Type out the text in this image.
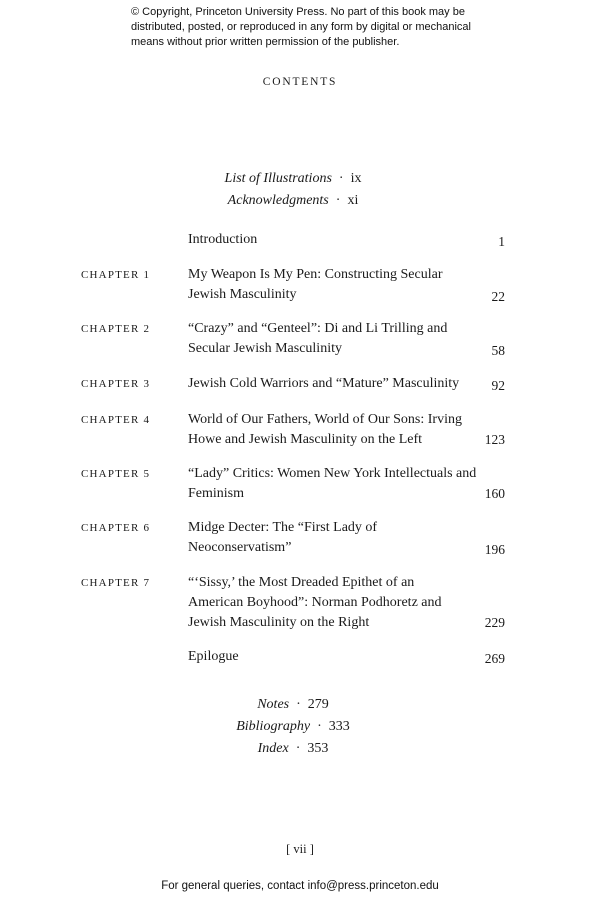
© Copyright, Princeton University Press. No part of this book may be distributed, posted, or reproduced in any form by digital or mechanical means without prior written permission of the publisher.
CONTENTS
List of Illustrations · ix
Acknowledgments · xi
Introduction	1
CHAPTER 1	My Weapon Is My Pen: Constructing Secular Jewish Masculinity	22
CHAPTER 2	“Crazy” and “Genteel”: Di and Li Trilling and Secular Jewish Masculinity	58
CHAPTER 3	Jewish Cold Warriors and “Mature” Masculinity	92
CHAPTER 4	World of Our Fathers, World of Our Sons: Irving Howe and Jewish Masculinity on the Left	123
CHAPTER 5	“Lady” Critics: Women New York Intellectuals and Feminism	160
CHAPTER 6	Midge Decter: The “First Lady of Neoconservatism”	196
CHAPTER 7	“‘Sissy,’ the Most Dreaded Epithet of an American Boyhood”: Norman Podhoretz and Jewish Masculinity on the Right	229
Epilogue	269
Notes · 279
Bibliography · 333
Index · 353
[ vii ]
For general queries, contact info@press.princeton.edu
